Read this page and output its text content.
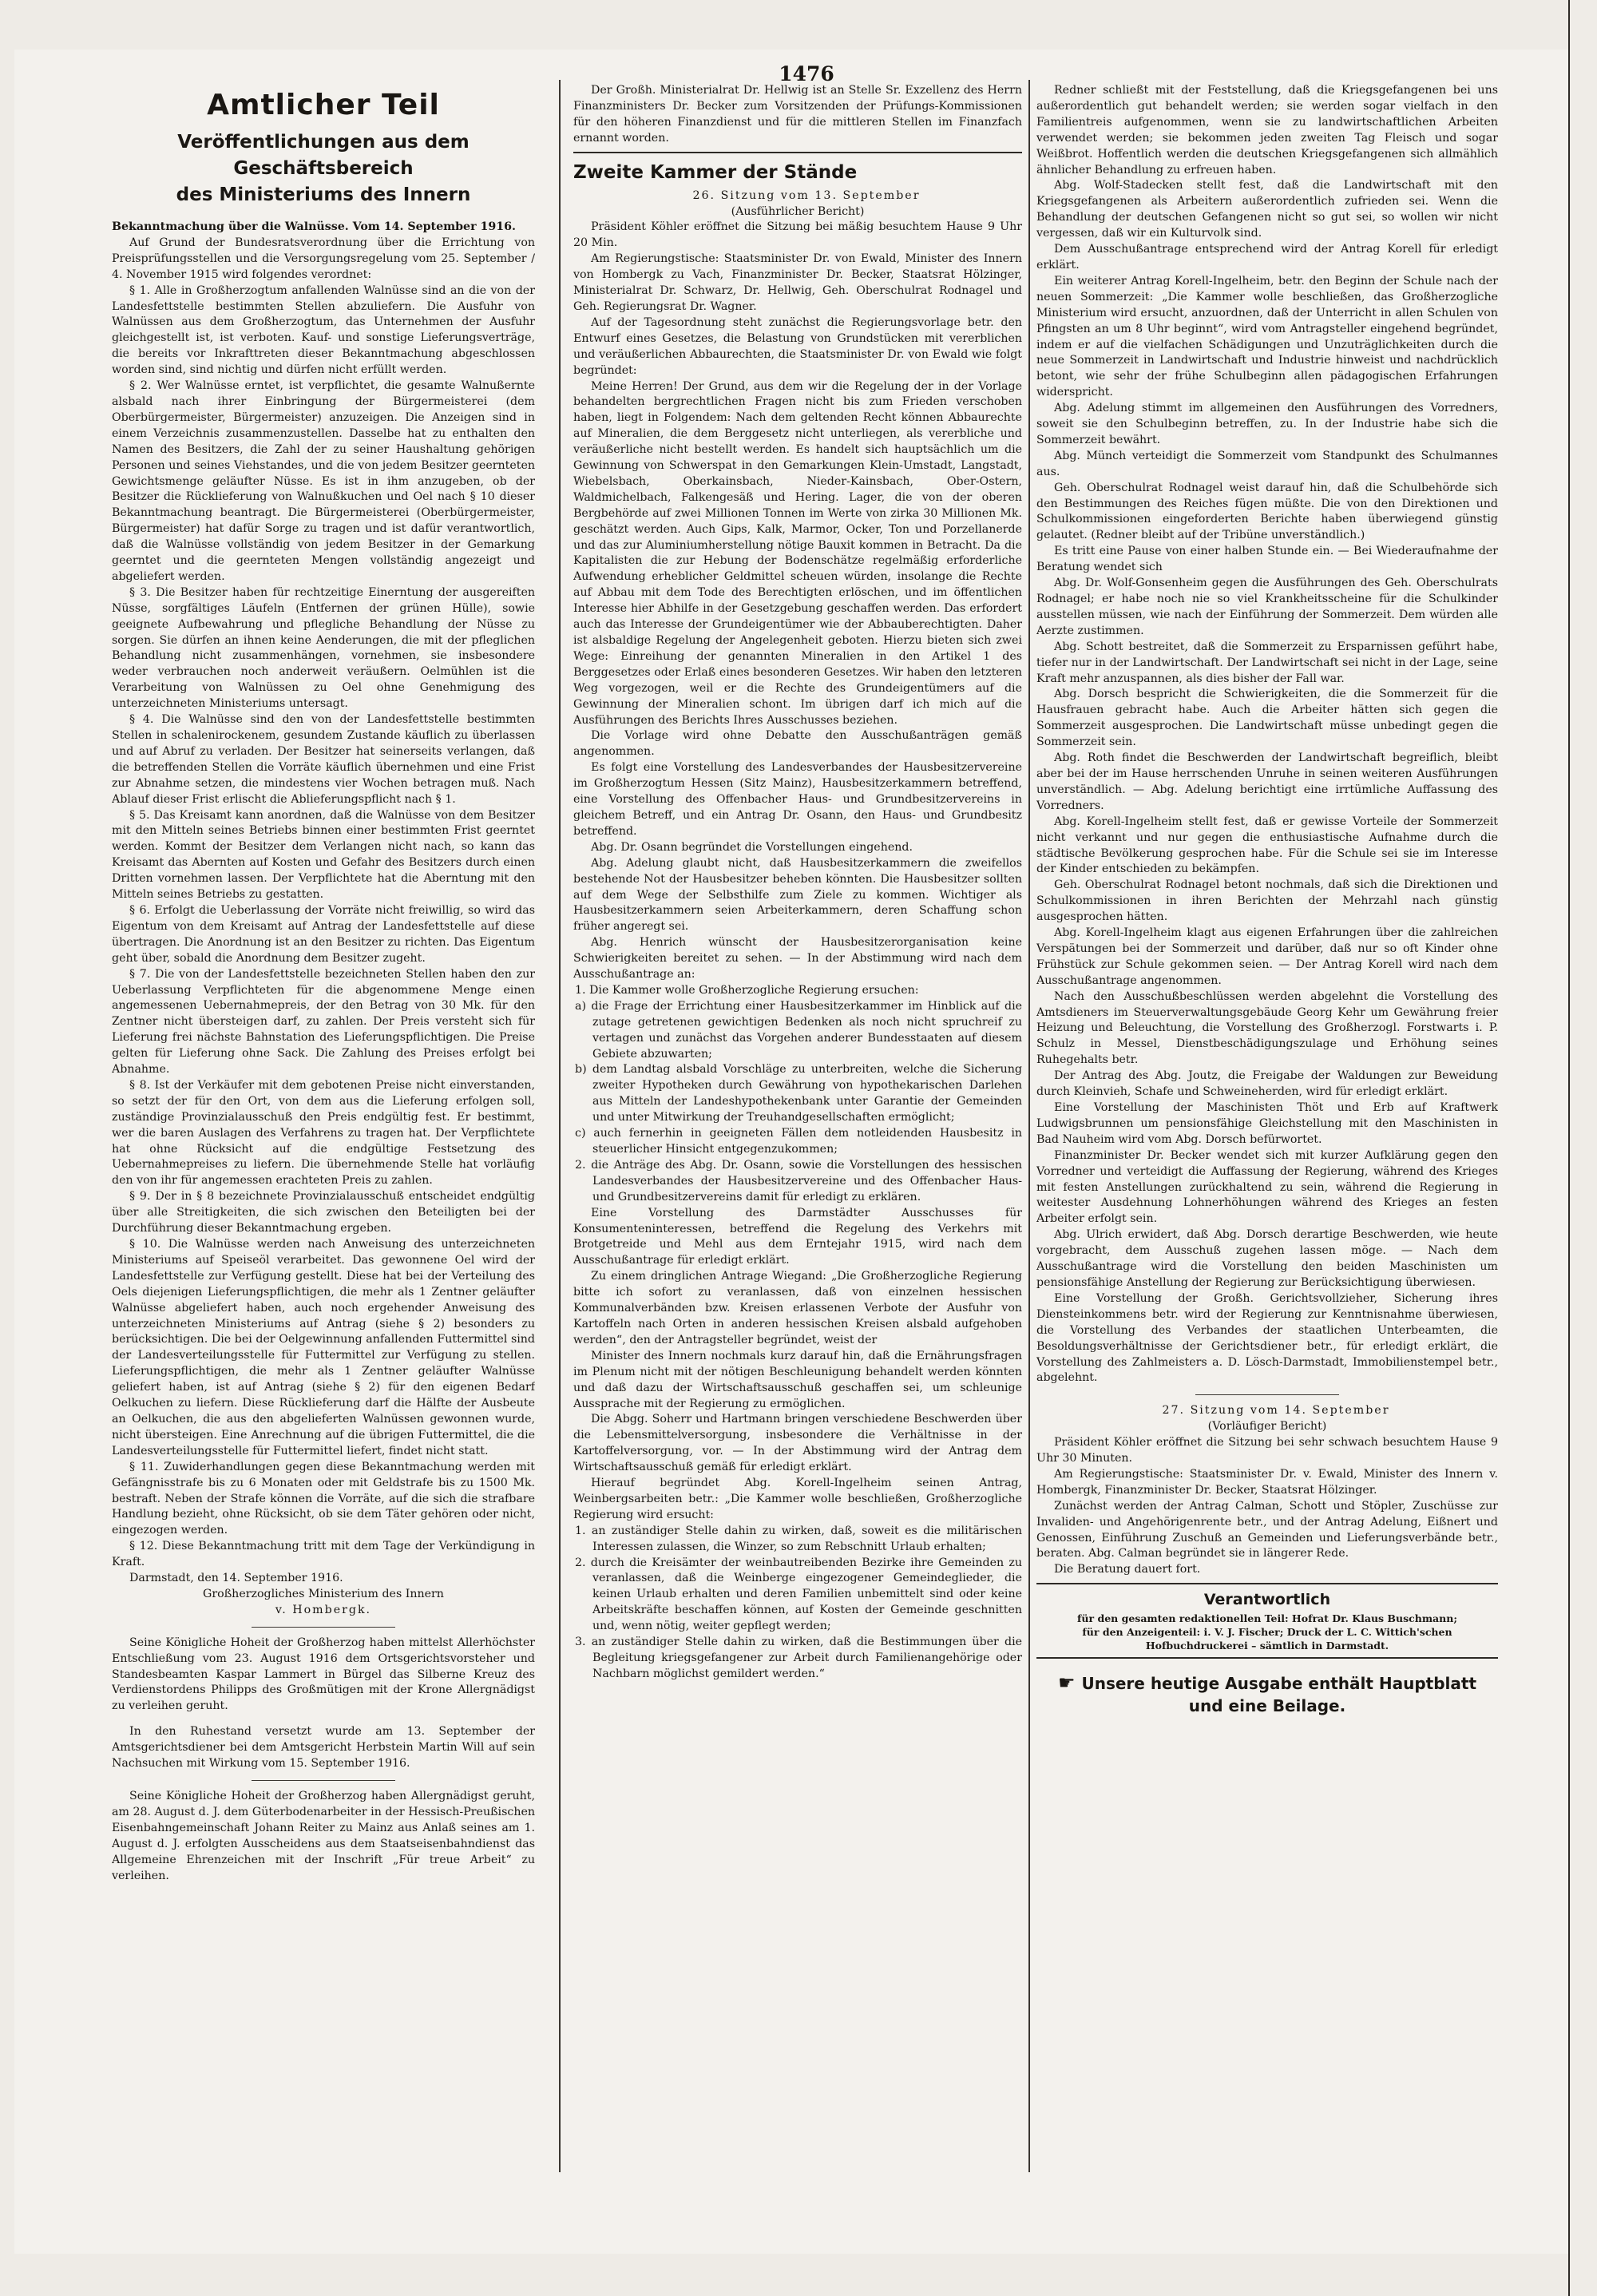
1476
Amtlicher Teil
Veröffentlichungen aus dem Geschäftsbereich
des Ministeriums des Innern

Bekanntmachung über die Walnüsse. Vom 14. September 1916.

Auf Grund der Bundesratsverordnung über die Errichtung von Preisprüfungsstellen und die Versorgungsregelung vom 25. September / 4. November 1915 wird folgendes verordnet:

§ 1. Alle in Großherzogtum anfallenden Walnüsse sind an die von der Landesfettstelle bestimmten Stellen abzuliefern. Die Ausfuhr von Walnüssen aus dem Großherzogtum, das Unternehmen der Ausfuhr gleichgestellt ist, ist verboten. Kauf- und sonstige Lieferungsverträge, die bereits vor Inkrafttreten dieser Bekanntmachung abgeschlossen worden sind, sind nichtig und dürfen nicht erfüllt werden.

§ 2. Wer Walnüsse erntet, ist verpflichtet, die gesamte Walnußernte alsbald nach ihrer Einbringung der Bürgermeisterei (dem Oberbürgermeister, Bürgermeister) anzuzeigen. Die Anzeigen sind in einem Verzeichnis zusammenzustellen. Dasselbe hat zu enthalten den Namen des Besitzers, die Zahl der zu seiner Haushaltung gehörigen Personen und seines Viehstandes, und die von jedem Besitzer geernteten Gewichtsmenge geläufter Nüsse. Es ist in ihm anzugeben, ob der Besitzer die Rücklieferung von Walnußkuchen und Oel nach § 10 dieser Bekanntmachung beantragt. Die Bürgermeisterei (Oberbürgermeister, Bürgermeister) hat dafür Sorge zu tragen und ist dafür verantwortlich, daß die Walnüsse vollständig von jedem Besitzer in der Gemarkung geerntet und die geernteten Mengen vollständig angezeigt und abgeliefert werden.

§ 3. Die Besitzer haben für rechtzeitige Einerntung der ausgereiften Nüsse, sorgfältiges Läufeln (Entfernen der grünen Hülle), sowie geeignete Aufbewahrung und pflegliche Behandlung der Nüsse zu sorgen. Sie dürfen an ihnen keine Aenderungen, die mit der pfleglichen Behandlung nicht zusammenhängen, vornehmen, sie insbesondere weder verbrauchen noch anderweit veräußern. Oelmühlen ist die Verarbeitung von Walnüssen zu Oel ohne Genehmigung des unterzeichneten Ministeriums untersagt.

§ 4. Die Walnüsse sind den von der Landesfettstelle bestimmten Stellen in schalenirockenem, gesundem Zustande käuflich zu überlassen und auf Abruf zu verladen. Der Besitzer hat seinerseits verlangen, daß die betreffenden Stellen die Vorräte käuflich übernehmen und eine Frist zur Abnahme setzen, die mindestens vier Wochen betragen muß. Nach Ablauf dieser Frist erlischt die Ablieferungspflicht nach § 1.

§ 5. Das Kreisamt kann anordnen, daß die Walnüsse von dem Besitzer mit den Mitteln seines Betriebs binnen einer bestimmten Frist geerntet werden. Kommt der Besitzer dem Verlangen nicht nach, so kann das Kreisamt das Abernten auf Kosten und Gefahr des Besitzers durch einen Dritten vornehmen lassen. Der Verpflichtete hat die Aberntung mit den Mitteln seines Betriebs zu gestatten.

§ 6. Erfolgt die Ueberlassung der Vorräte nicht freiwillig, so wird das Eigentum von dem Kreisamt auf Antrag der Landesfettstelle auf diese übertragen. Die Anordnung ist an den Besitzer zu richten. Das Eigentum geht über, sobald die Anordnung dem Besitzer zugeht.

§ 7. Die von der Landesfettstelle bezeichneten Stellen haben den zur Ueberlassung Verpflichteten für die abgenommene Menge einen angemessenen Uebernahmepreis, der den Betrag von 30 Mk. für den Zentner nicht übersteigen darf, zu zahlen. Der Preis versteht sich für Lieferung frei nächste Bahnstation des Lieferungspflichtigen. Die Preise gelten für Lieferung ohne Sack. Die Zahlung des Preises erfolgt bei Abnahme.

§ 8. Ist der Verkäufer mit dem gebotenen Preise nicht einverstanden, so setzt der für den Ort, von dem aus die Lieferung erfolgen soll, zuständige Provinzialausschuß den Preis endgültig fest. Er bestimmt, wer die baren Auslagen des Verfahrens zu tragen hat. Der Verpflichtete hat ohne Rücksicht auf die endgültige Festsetzung des Uebernahmepreises zu liefern. Die übernehmende Stelle hat vorläufig den von ihr für angemessen erachteten Preis zu zahlen.

§ 9. Der in § 8 bezeichnete Provinzialausschuß entscheidet endgültig über alle Streitigkeiten, die sich zwischen den Beteiligten bei der Durchführung dieser Bekanntmachung ergeben.

§ 10. Die Walnüsse werden nach Anweisung des unterzeichneten Ministeriums auf Speiseöl verarbeitet. Das gewonnene Oel wird der Landesfettstelle zur Verfügung gestellt. Diese hat bei der Verteilung des Oels diejenigen Lieferungspflichtigen, die mehr als 1 Zentner geläufter Walnüsse abgeliefert haben, auch noch ergehender Anweisung des unterzeichneten Ministeriums auf Antrag (siehe § 2) besonders zu berücksichtigen. Die bei der Oelgewinnung anfallenden Futtermittel sind der Landesverteilungsstelle für Futtermittel zur Verfügung zu stellen. Lieferungspflichtigen, die mehr als 1 Zentner geläufter Walnüsse geliefert haben, ist auf Antrag (siehe § 2) für den eigenen Bedarf Oelkuchen zu liefern. Diese Rücklieferung darf die Hälfte der Ausbeute an Oelkuchen, die aus den abgelieferten Walnüssen gewonnen wurde, nicht übersteigen. Eine Anrechnung auf die übrigen Futtermittel, die die Landesverteilungsstelle für Futtermittel liefert, findet nicht statt.

§ 11. Zuwiderhandlungen gegen diese Bekanntmachung werden mit Gefängnisstrafe bis zu 6 Monaten oder mit Geldstrafe bis zu 1500 Mk. bestraft. Neben der Strafe können die Vorräte, auf die sich die strafbare Handlung bezieht, ohne Rücksicht, ob sie dem Täter gehören oder nicht, eingezogen werden.

§ 12. Diese Bekanntmachung tritt mit dem Tage der Verkündigung in Kraft.

Darmstadt, den 14. September 1916.

Großherzogliches Ministerium des Innern

v. Hombergk.

Seine Königliche Hoheit der Großherzog haben mittelst Allerhöchster Entschließung vom 23. August 1916 dem Ortsgerichtsvorsteher und Standesbeamten Kaspar Lammert in Bürgel das Silberne Kreuz des Verdienstordens Philipps des Großmütigen mit der Krone Allergnädigst zu verleihen geruht.

In den Ruhestand versetzt wurde am 13. September der Amtsgerichtsdiener bei dem Amtsgericht Herbstein Martin Will auf sein Nachsuchen mit Wirkung vom 15. September 1916.

Seine Königliche Hoheit der Großherzog haben Allergnädigst geruht, am 28. August d. J. dem Güterbodenarbeiter in der Hessisch-Preußischen Eisenbahngemeinschaft Johann Reiter zu Mainz aus Anlaß seines am 1. August d. J. erfolgten Ausscheidens aus dem Staatseisenbahndienst das Allgemeine Ehrenzeichen mit der Inschrift „Für treue Arbeit“ zu verleihen.

Der Großh. Ministerialrat Dr. Hellwig ist an Stelle Sr. Exzellenz des Herrn Finanzministers Dr. Becker zum Vorsitzenden der Prüfungs-Kommissionen für den höheren Finanzdienst und für die mittleren Stellen im Finanzfach ernannt worden.

Zweite Kammer der Stände

26. Sitzung vom 13. September

(Ausführlicher Bericht)

Präsident Köhler eröffnet die Sitzung bei mäßig besuchtem Hause 9 Uhr 20 Min.

Am Regierungstische: Staatsminister Dr. von Ewald, Minister des Innern von Hombergk zu Vach, Finanzminister Dr. Becker, Staatsrat Hölzinger, Ministerialrat Dr. Schwarz, Dr. Hellwig, Geh. Oberschulrat Rodnagel und Geh. Regierungsrat Dr. Wagner.

Auf der Tagesordnung steht zunächst die Regierungsvorlage betr. den Entwurf eines Gesetzes, die Belastung von Grundstücken mit vererblichen und veräußerlichen Abbaurechten, die Staatsminister Dr. von Ewald wie folgt begründet:

Meine Herren! Der Grund, aus dem wir die Regelung der in der Vorlage behandelten bergrechtlichen Fragen nicht bis zum Frieden verschoben haben, liegt in Folgendem: Nach dem geltenden Recht können Abbaurechte auf Mineralien, die dem Berggesetz nicht unterliegen, als vererbliche und veräußerliche nicht bestellt werden. Es handelt sich hauptsächlich um die Gewinnung von Schwerspat in den Gemarkungen Klein-Umstadt, Langstadt, Wiebelsbach, Oberkainsbach, Nieder-Kainsbach, Ober-Ostern, Waldmichelbach, Falkengesäß und Hering. Lager, die von der oberen Bergbehörde auf zwei Millionen Tonnen im Werte von zirka 30 Millionen Mk. geschätzt werden. Auch Gips, Kalk, Marmor, Ocker, Ton und Porzellanerde und das zur Aluminiumherstellung nötige Bauxit kommen in Betracht. Da die Kapitalisten die zur Hebung der Bodenschätze regelmäßig erforderliche Aufwendung erheblicher Geldmittel scheuen würden, insolange die Rechte auf Abbau mit dem Tode des Berechtigten erlöschen, und im öffentlichen Interesse hier Abhilfe in der Gesetzgebung geschaffen werden. Das erfordert auch das Interesse der Grundeigentümer wie der Abbauberechtigten. Daher ist alsbaldige Regelung der Angelegenheit geboten. Hierzu bieten sich zwei Wege: Einreihung der genannten Mineralien in den Artikel 1 des Berggesetzes oder Erlaß eines besonderen Gesetzes. Wir haben den letzteren Weg vorgezogen, weil er die Rechte des Grundeigentümers auf die Gewinnung der Mineralien schont. Im übrigen darf ich mich auf die Ausführungen des Berichts Ihres Ausschusses beziehen.

Die Vorlage wird ohne Debatte den Ausschußanträgen gemäß angenommen.

Es folgt eine Vorstellung des Landesverbandes der Hausbesitzervereine im Großherzogtum Hessen (Sitz Mainz), Hausbesitzerkammern betreffend, eine Vorstellung des Offenbacher Haus- und Grundbesitzervereins in gleichem Betreff, und ein Antrag Dr. Osann, den Haus- und Grundbesitz betreffend.

Abg. Dr. Osann begründet die Vorstellungen eingehend.

Abg. Adelung glaubt nicht, daß Hausbesitzerkammern die zweifellos bestehende Not der Hausbesitzer beheben könnten. Die Hausbesitzer sollten auf dem Wege der Selbsthilfe zum Ziele zu kommen. Wichtiger als Hausbesitzerkammern seien Arbeiterkammern, deren Schaffung schon früher angeregt sei.

Abg. Henrich wünscht der Hausbesitzerorganisation keine Schwierigkeiten bereitet zu sehen. — In der Abstimmung wird nach dem Ausschußantrage an:

1. Die Kammer wolle Großherzogliche Regierung ersuchen:

a) die Frage der Errichtung einer Hausbesitzerkammer im Hinblick auf die zutage getretenen gewichtigen Bedenken als noch nicht spruchreif zu vertagen und zunächst das Vorgehen anderer Bundesstaaten auf diesem Gebiete abzuwarten;

b) dem Landtag alsbald Vorschläge zu unterbreiten, welche die Sicherung zweiter Hypotheken durch Gewährung von hypothekarischen Darlehen aus Mitteln der Landeshypothekenbank unter Garantie der Gemeinden und unter Mitwirkung der Treuhandgesellschaften ermöglicht;

c) auch fernerhin in geeigneten Fällen dem notleidenden Hausbesitz in steuerlicher Hinsicht entgegenzukommen;

2. die Anträge des Abg. Dr. Osann, sowie die Vorstellungen des hessischen Landesverbandes der Hausbesitzervereine und des Offenbacher Haus- und Grundbesitzervereins damit für erledigt zu erklären.

Eine Vorstellung des Darmstädter Ausschusses für Konsumenteninteressen, betreffend die Regelung des Verkehrs mit Brotgetreide und Mehl aus dem Erntejahr 1915, wird nach dem Ausschußantrage für erledigt erklärt.

Zu einem dringlichen Antrage Wiegand: „Die Großherzogliche Regierung bitte ich sofort zu veranlassen, daß von einzelnen hessischen Kommunalverbänden bzw. Kreisen erlassenen Verbote der Ausfuhr von Kartoffeln nach Orten in anderen hessischen Kreisen alsbald aufgehoben werden“, den der Antragsteller begründet, weist der

Minister des Innern nochmals kurz darauf hin, daß die Ernährungsfragen im Plenum nicht mit der nötigen Beschleunigung behandelt werden könnten und daß dazu der Wirtschaftsausschuß geschaffen sei, um schleunige Aussprache mit der Regierung zu ermöglichen.

Die Abgg. Soherr und Hartmann bringen verschiedene Beschwerden über die Lebensmittelversorgung, insbesondere die Verhältnisse in der Kartoffelversorgung, vor. — In der Abstimmung wird der Antrag dem Wirtschaftsausschuß gemäß für erledigt erklärt.

Hierauf begründet Abg. Korell-Ingelheim seinen Antrag, Weinbergsarbeiten betr.: „Die Kammer wolle beschließen, Großherzogliche Regierung wird ersucht:

1. an zuständiger Stelle dahin zu wirken, daß, soweit es die militärischen Interessen zulassen, die Winzer, so zum Rebschnitt Urlaub erhalten;

2. durch die Kreisämter der weinbautreibenden Bezirke ihre Gemeinden zu veranlassen, daß die Weinberge eingezogener Gemeindeglieder, die keinen Urlaub erhalten und deren Familien unbemittelt sind oder keine Arbeitskräfte beschaffen können, auf Kosten der Gemeinde geschnitten und, wenn nötig, weiter gepflegt werden;

3. an zuständiger Stelle dahin zu wirken, daß die Bestimmungen über die Begleitung kriegsgefangener zur Arbeit durch Familienangehörige oder Nachbarn möglichst gemildert werden.“

Redner schließt mit der Feststellung, daß die Kriegsgefangenen bei uns außerordentlich gut behandelt werden; sie werden sogar vielfach in den Familientreis aufgenommen, wenn sie zu landwirtschaftlichen Arbeiten verwendet werden; sie bekommen jeden zweiten Tag Fleisch und sogar Weißbrot. Hoffentlich werden die deutschen Kriegsgefangenen sich allmählich ähnlicher Behandlung zu erfreuen haben.

Abg. Wolf-Stadecken stellt fest, daß die Landwirtschaft mit den Kriegsgefangenen als Arbeitern außerordentlich zufrieden sei. Wenn die Behandlung der deutschen Gefangenen nicht so gut sei, so wollen wir nicht vergessen, daß wir ein Kulturvolk sind.

Dem Ausschußantrage entsprechend wird der Antrag Korell für erledigt erklärt.

Ein weiterer Antrag Korell-Ingelheim, betr. den Beginn der Schule nach der neuen Sommerzeit: „Die Kammer wolle beschließen, das Großherzogliche Ministerium wird ersucht, anzuordnen, daß der Unterricht in allen Schulen von Pfingsten an um 8 Uhr beginnt“, wird vom Antragsteller eingehend begründet, indem er auf die vielfachen Schädigungen und Unzuträglichkeiten durch die neue Sommerzeit in Landwirtschaft und Industrie hinweist und nachdrücklich betont, wie sehr der frühe Schulbeginn allen pädagogischen Erfahrungen widerspricht.

Abg. Adelung stimmt im allgemeinen den Ausführungen des Vorredners, soweit sie den Schulbeginn betreffen, zu. In der Industrie habe sich die Sommerzeit bewährt.

Abg. Münch verteidigt die Sommerzeit vom Standpunkt des Schulmannes aus.

Geh. Oberschulrat Rodnagel weist darauf hin, daß die Schulbehörde sich den Bestimmungen des Reiches fügen müßte. Die von den Direktionen und Schulkommissionen eingeforderten Berichte haben überwiegend günstig gelautet. (Redner bleibt auf der Tribüne unverständlich.)

Es tritt eine Pause von einer halben Stunde ein. — Bei Wiederaufnahme der Beratung wendet sich

Abg. Dr. Wolf-Gonsenheim gegen die Ausführungen des Geh. Oberschulrats Rodnagel; er habe noch nie so viel Krankheitsscheine für die Schulkinder ausstellen müssen, wie nach der Einführung der Sommerzeit. Dem würden alle Aerzte zustimmen.

Abg. Schott bestreitet, daß die Sommerzeit zu Ersparnissen geführt habe, tiefer nur in der Landwirtschaft. Der Landwirtschaft sei nicht in der Lage, seine Kraft mehr anzuspannen, als dies bisher der Fall war.

Abg. Dorsch bespricht die Schwierigkeiten, die die Sommerzeit für die Hausfrauen gebracht habe. Auch die Arbeiter hätten sich gegen die Sommerzeit ausgesprochen. Die Landwirtschaft müsse unbedingt gegen die Sommerzeit sein.

Abg. Roth findet die Beschwerden der Landwirtschaft begreiflich, bleibt aber bei der im Hause herrschenden Unruhe in seinen weiteren Ausführungen unverständlich. — Abg. Adelung berichtigt eine irrtümliche Auffassung des Vorredners.

Abg. Korell-Ingelheim stellt fest, daß er gewisse Vorteile der Sommerzeit nicht verkannt und nur gegen die enthusiastische Aufnahme durch die städtische Bevölkerung gesprochen habe. Für die Schule sei sie im Interesse der Kinder entschieden zu bekämpfen.

Geh. Oberschulrat Rodnagel betont nochmals, daß sich die Direktionen und Schulkommissionen in ihren Berichten der Mehrzahl nach günstig ausgesprochen hätten.

Abg. Korell-Ingelheim klagt aus eigenen Erfahrungen über die zahlreichen Verspätungen bei der Sommerzeit und darüber, daß nur so oft Kinder ohne Frühstück zur Schule gekommen seien. — Der Antrag Korell wird nach dem Ausschußantrage angenommen.

Nach den Ausschußbeschlüssen werden abgelehnt die Vorstellung des Amtsdieners im Steuerverwaltungsgebäude Georg Kehr um Gewährung freier Heizung und Beleuchtung, die Vorstellung des Großherzogl. Forstwarts i. P. Schulz in Messel, Dienstbeschädigungszulage und Erhöhung seines Ruhegehalts betr.

Der Antrag des Abg. Joutz, die Freigabe der Waldungen zur Beweidung durch Kleinvieh, Schafe und Schweineherden, wird für erledigt erklärt.

Eine Vorstellung der Maschinisten Thöt und Erb auf Kraftwerk Ludwigsbrunnen um pensionsfähige Gleichstellung mit den Maschinisten in Bad Nauheim wird vom Abg. Dorsch befürwortet.

Finanzminister Dr. Becker wendet sich mit kurzer Aufklärung gegen den Vorredner und verteidigt die Auffassung der Regierung, während des Krieges mit festen Anstellungen zurückhaltend zu sein, während die Regierung in weitester Ausdehnung Lohnerhöhungen während des Krieges an festen Arbeiter erfolgt sein.

Abg. Ulrich erwidert, daß Abg. Dorsch derartige Beschwerden, wie heute vorgebracht, dem Ausschuß zugehen lassen möge. — Nach dem Ausschußantrage wird die Vorstellung den beiden Maschinisten um pensionsfähige Anstellung der Regierung zur Berücksichtigung überwiesen.

Eine Vorstellung der Großh. Gerichtsvollzieher, Sicherung ihres Diensteinkommens betr. wird der Regierung zur Kenntnisnahme überwiesen, die Vorstellung des Verbandes der staatlichen Unterbeamten, die Besoldungsverhältnisse der Gerichtsdiener betr., für erledigt erklärt, die Vorstellung des Zahlmeisters a. D. Lösch-Darmstadt, Immobilienstempel betr., abgelehnt.

27. Sitzung vom 14. September

(Vorläufiger Bericht)

Präsident Köhler eröffnet die Sitzung bei sehr schwach besuchtem Hause 9 Uhr 30 Minuten.

Am Regierungstische: Staatsminister Dr. v. Ewald, Minister des Innern v. Hombergk, Finanzminister Dr. Becker, Staatsrat Hölzinger.

Zunächst werden der Antrag Calman, Schott und Stöpler, Zuschüsse zur Invaliden- und Angehörigenrente betr., und der Antrag Adelung, Eißnert und Genossen, Einführung Zuschuß an Gemeinden und Lieferungsverbände betr., beraten. Abg. Calman begründet sie in längerer Rede.

Die Beratung dauert fort.

Verantwortlich

für den gesamten redaktionellen Teil: Hofrat Dr. Klaus Buschmann;

für den Anzeigenteil: i. V. J. Fischer; Druck der L. C. Wittich'schen

Hofbuchdruckerei – sämtlich in Darmstadt.

☛ Unsere heutige Ausgabe enthält Hauptblatt
und eine Beilage.
